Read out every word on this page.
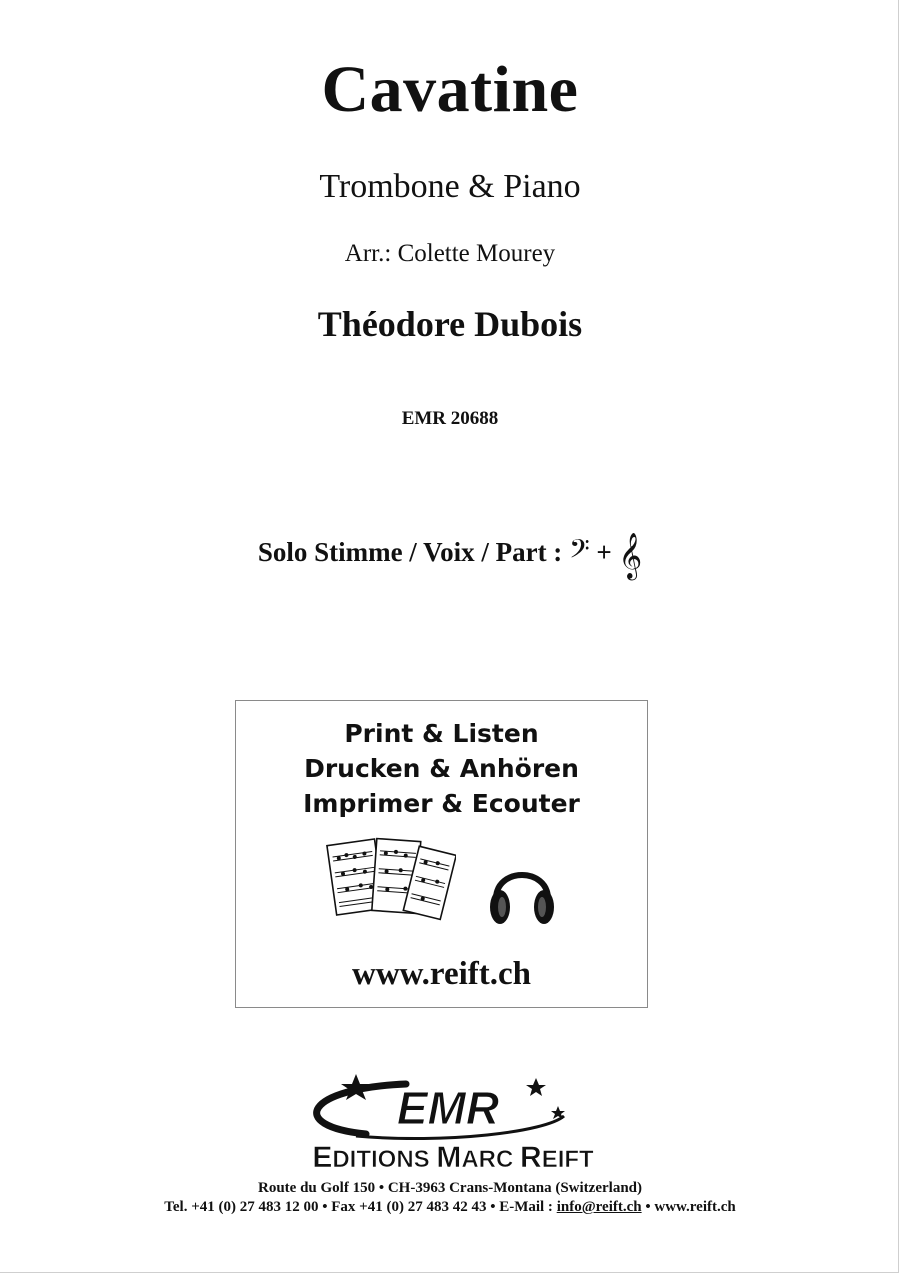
Cavatine
Trombone & Piano
Arr.: Colette Mourey
Théodore Dubois
EMR 20688
Solo Stimme / Voix / Part : 𝄢 + 𝄞
Print & Listen
Drucken & Anhören
Imprimer & Ecouter
www.reift.ch
EMR
EDITIONS MARC REIFT
Route du Golf 150 • CH-3963 Crans-Montana (Switzerland)
Tel. +41 (0) 27 483 12 00 • Fax +41 (0) 27 483 42 43 • E-Mail : info@reift.ch • www.reift.ch
